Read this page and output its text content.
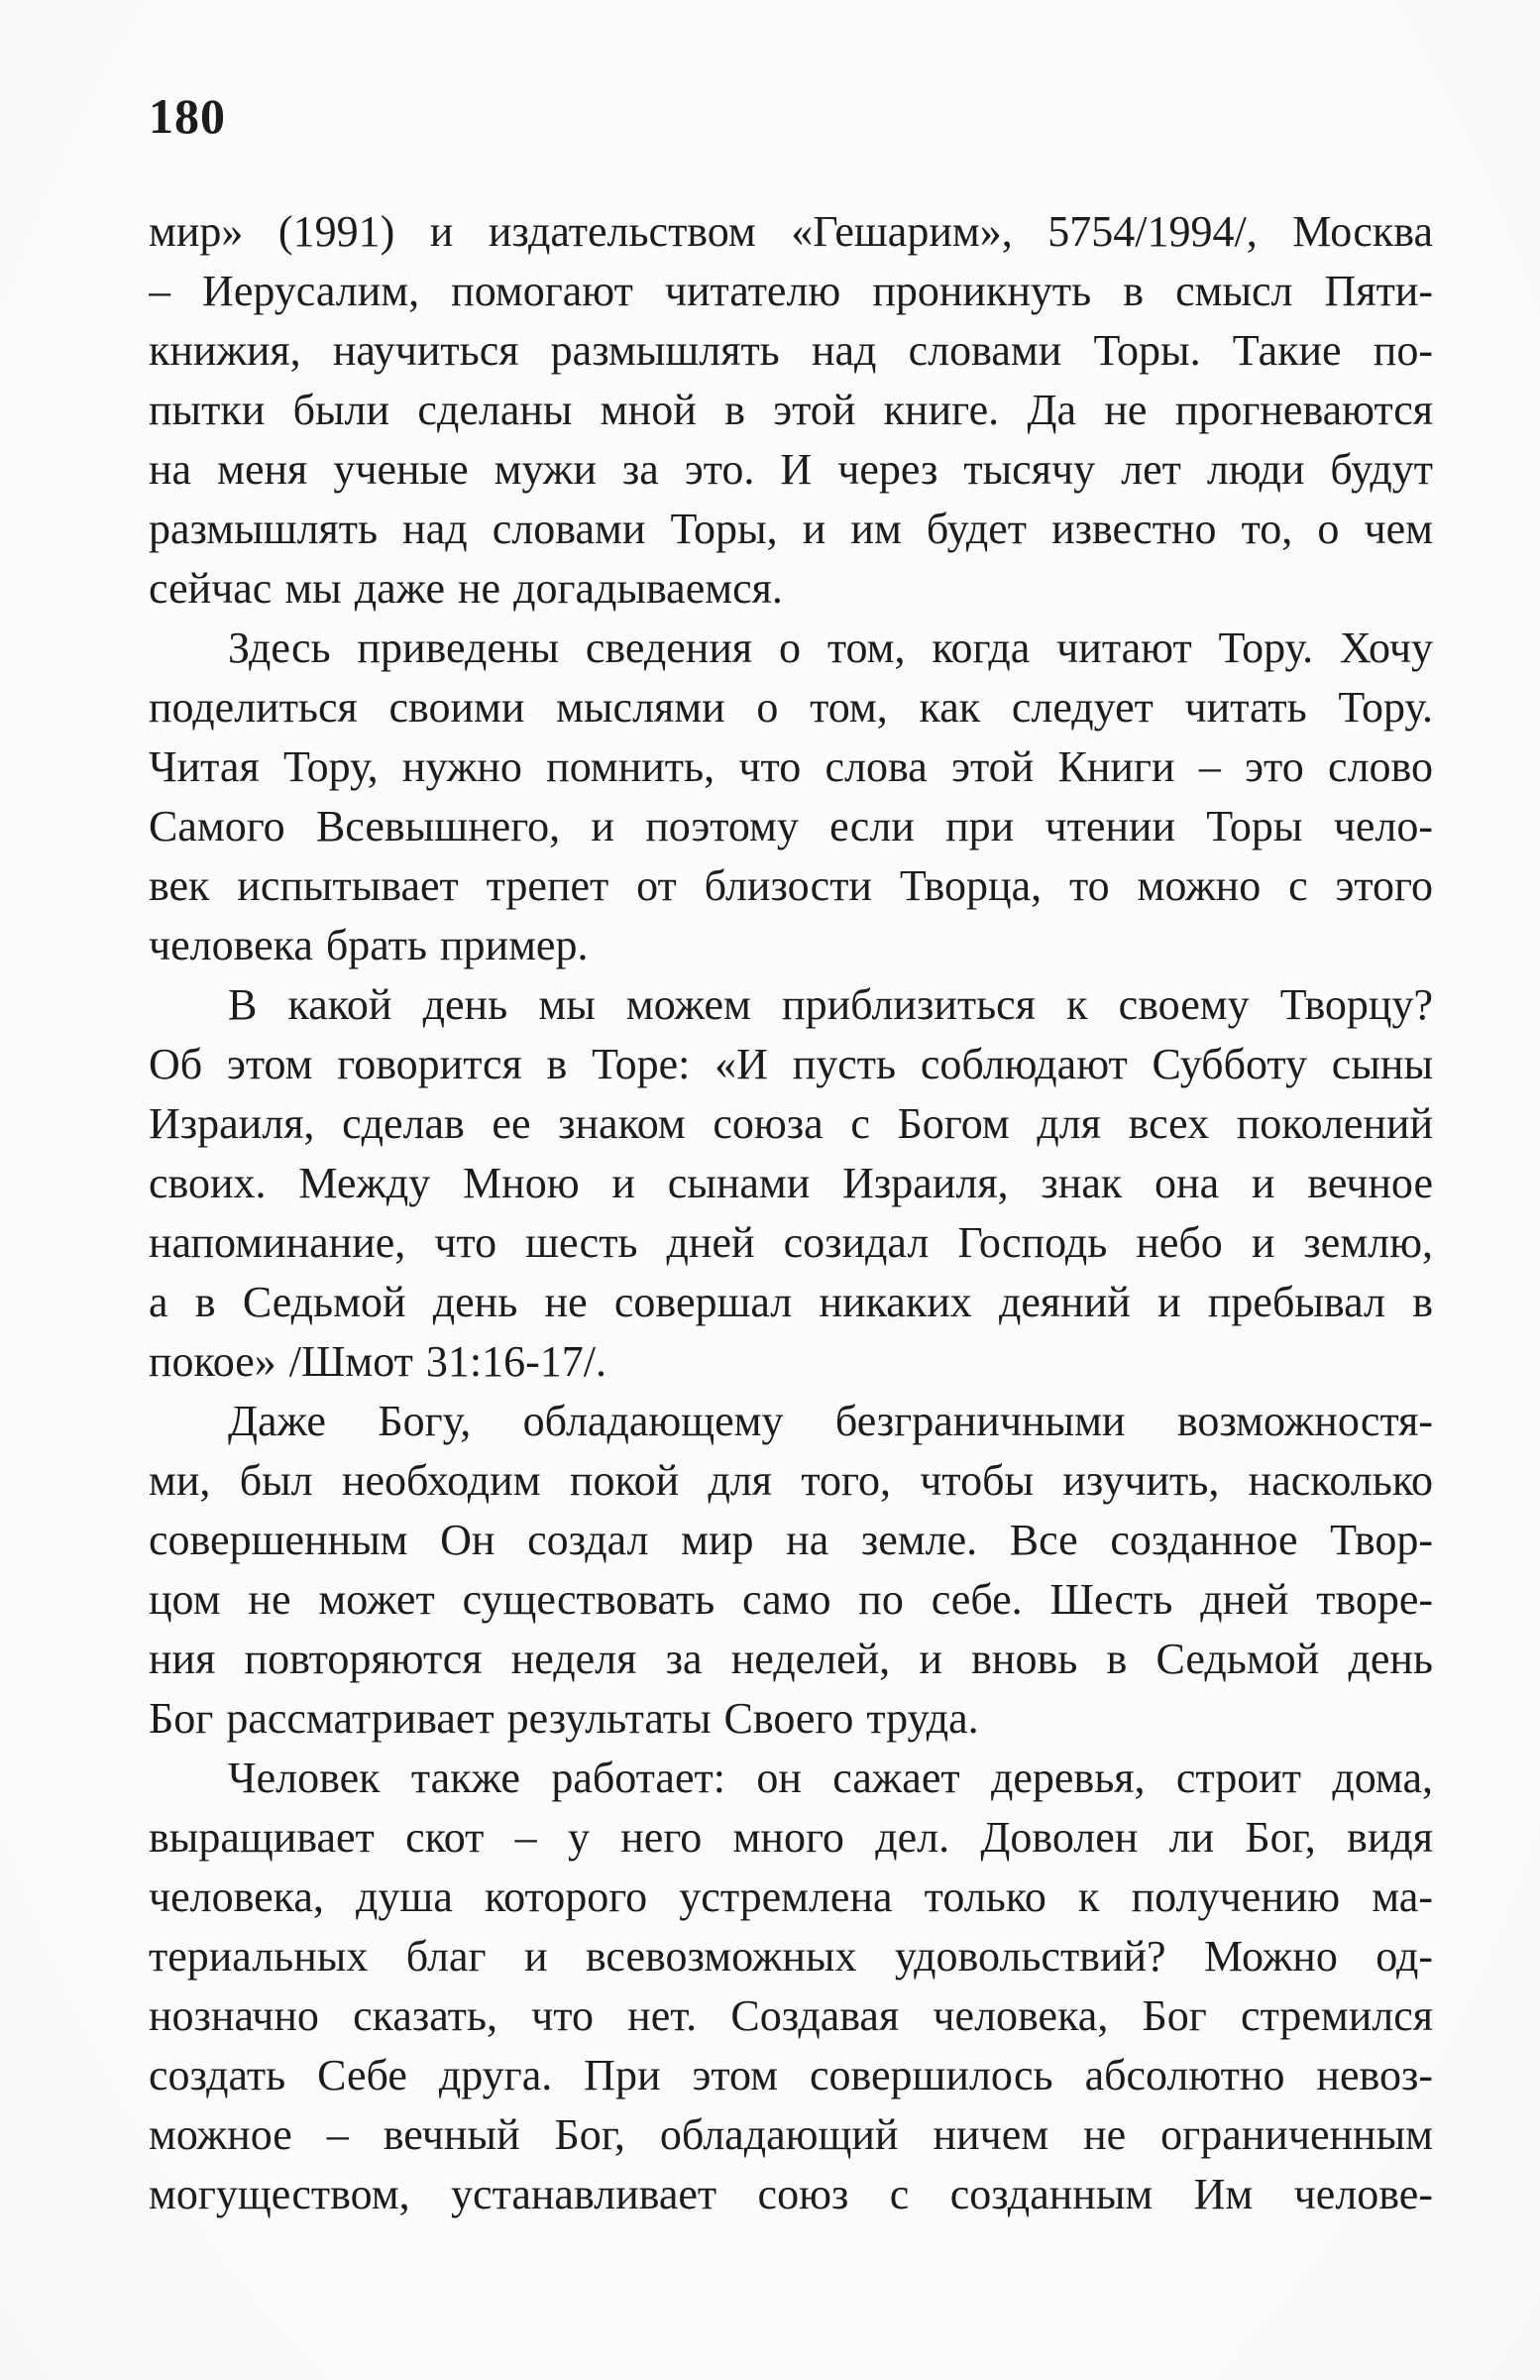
180
мир» (1991) и издательством «Гешарим», 5754/1994/, Москва
– Иерусалим, помогают читателю проникнуть в смысл Пяти-
книжия, научиться размышлять над словами Торы. Такие по-
пытки были сделаны мной в этой книге. Да не прогневаются
на меня ученые мужи за это. И через тысячу лет люди будут
размышлять над словами Торы, и им будет известно то, о чем
сейчас мы даже не догадываемся.
Здесь приведены сведения о том, когда читают Тору. Хочу
поделиться своими мыслями о том, как следует читать Тору.
Читая Тору, нужно помнить, что слова этой Книги – это слово
Самого Всевышнего, и поэтому если при чтении Торы чело-
век испытывает трепет от близости Творца, то можно с этого
человека брать пример.
В какой день мы можем приблизиться к своему Творцу?
Об этом говорится в Торе: «И пусть соблюдают Субботу сыны
Израиля, сделав ее знаком союза с Богом для всех поколений
своих. Между Мною и сынами Израиля, знак она и вечное
напоминание, что шесть дней созидал Господь небо и землю,
а в Седьмой день не совершал никаких деяний и пребывал в
покое» /Шмот 31:16-17/.
Даже Богу, обладающему безграничными возможностя-
ми, был необходим покой для того, чтобы изучить, насколько
совершенным Он создал мир на земле. Все созданное Твор-
цом не может существовать само по себе. Шесть дней творе-
ния повторяются неделя за неделей, и вновь в Седьмой день
Бог рассматривает результаты Своего труда.
Человек также работает: он сажает деревья, строит дома,
выращивает скот – у него много дел. Доволен ли Бог, видя
человека, душа которого устремлена только к получению ма-
териальных благ и всевозможных удовольствий? Можно од-
нозначно сказать, что нет. Создавая человека, Бог стремился
создать Себе друга. При этом совершилось абсолютно невоз-
можное – вечный Бог, обладающий ничем не ограниченным
могуществом, устанавливает союз с созданным Им челове-
